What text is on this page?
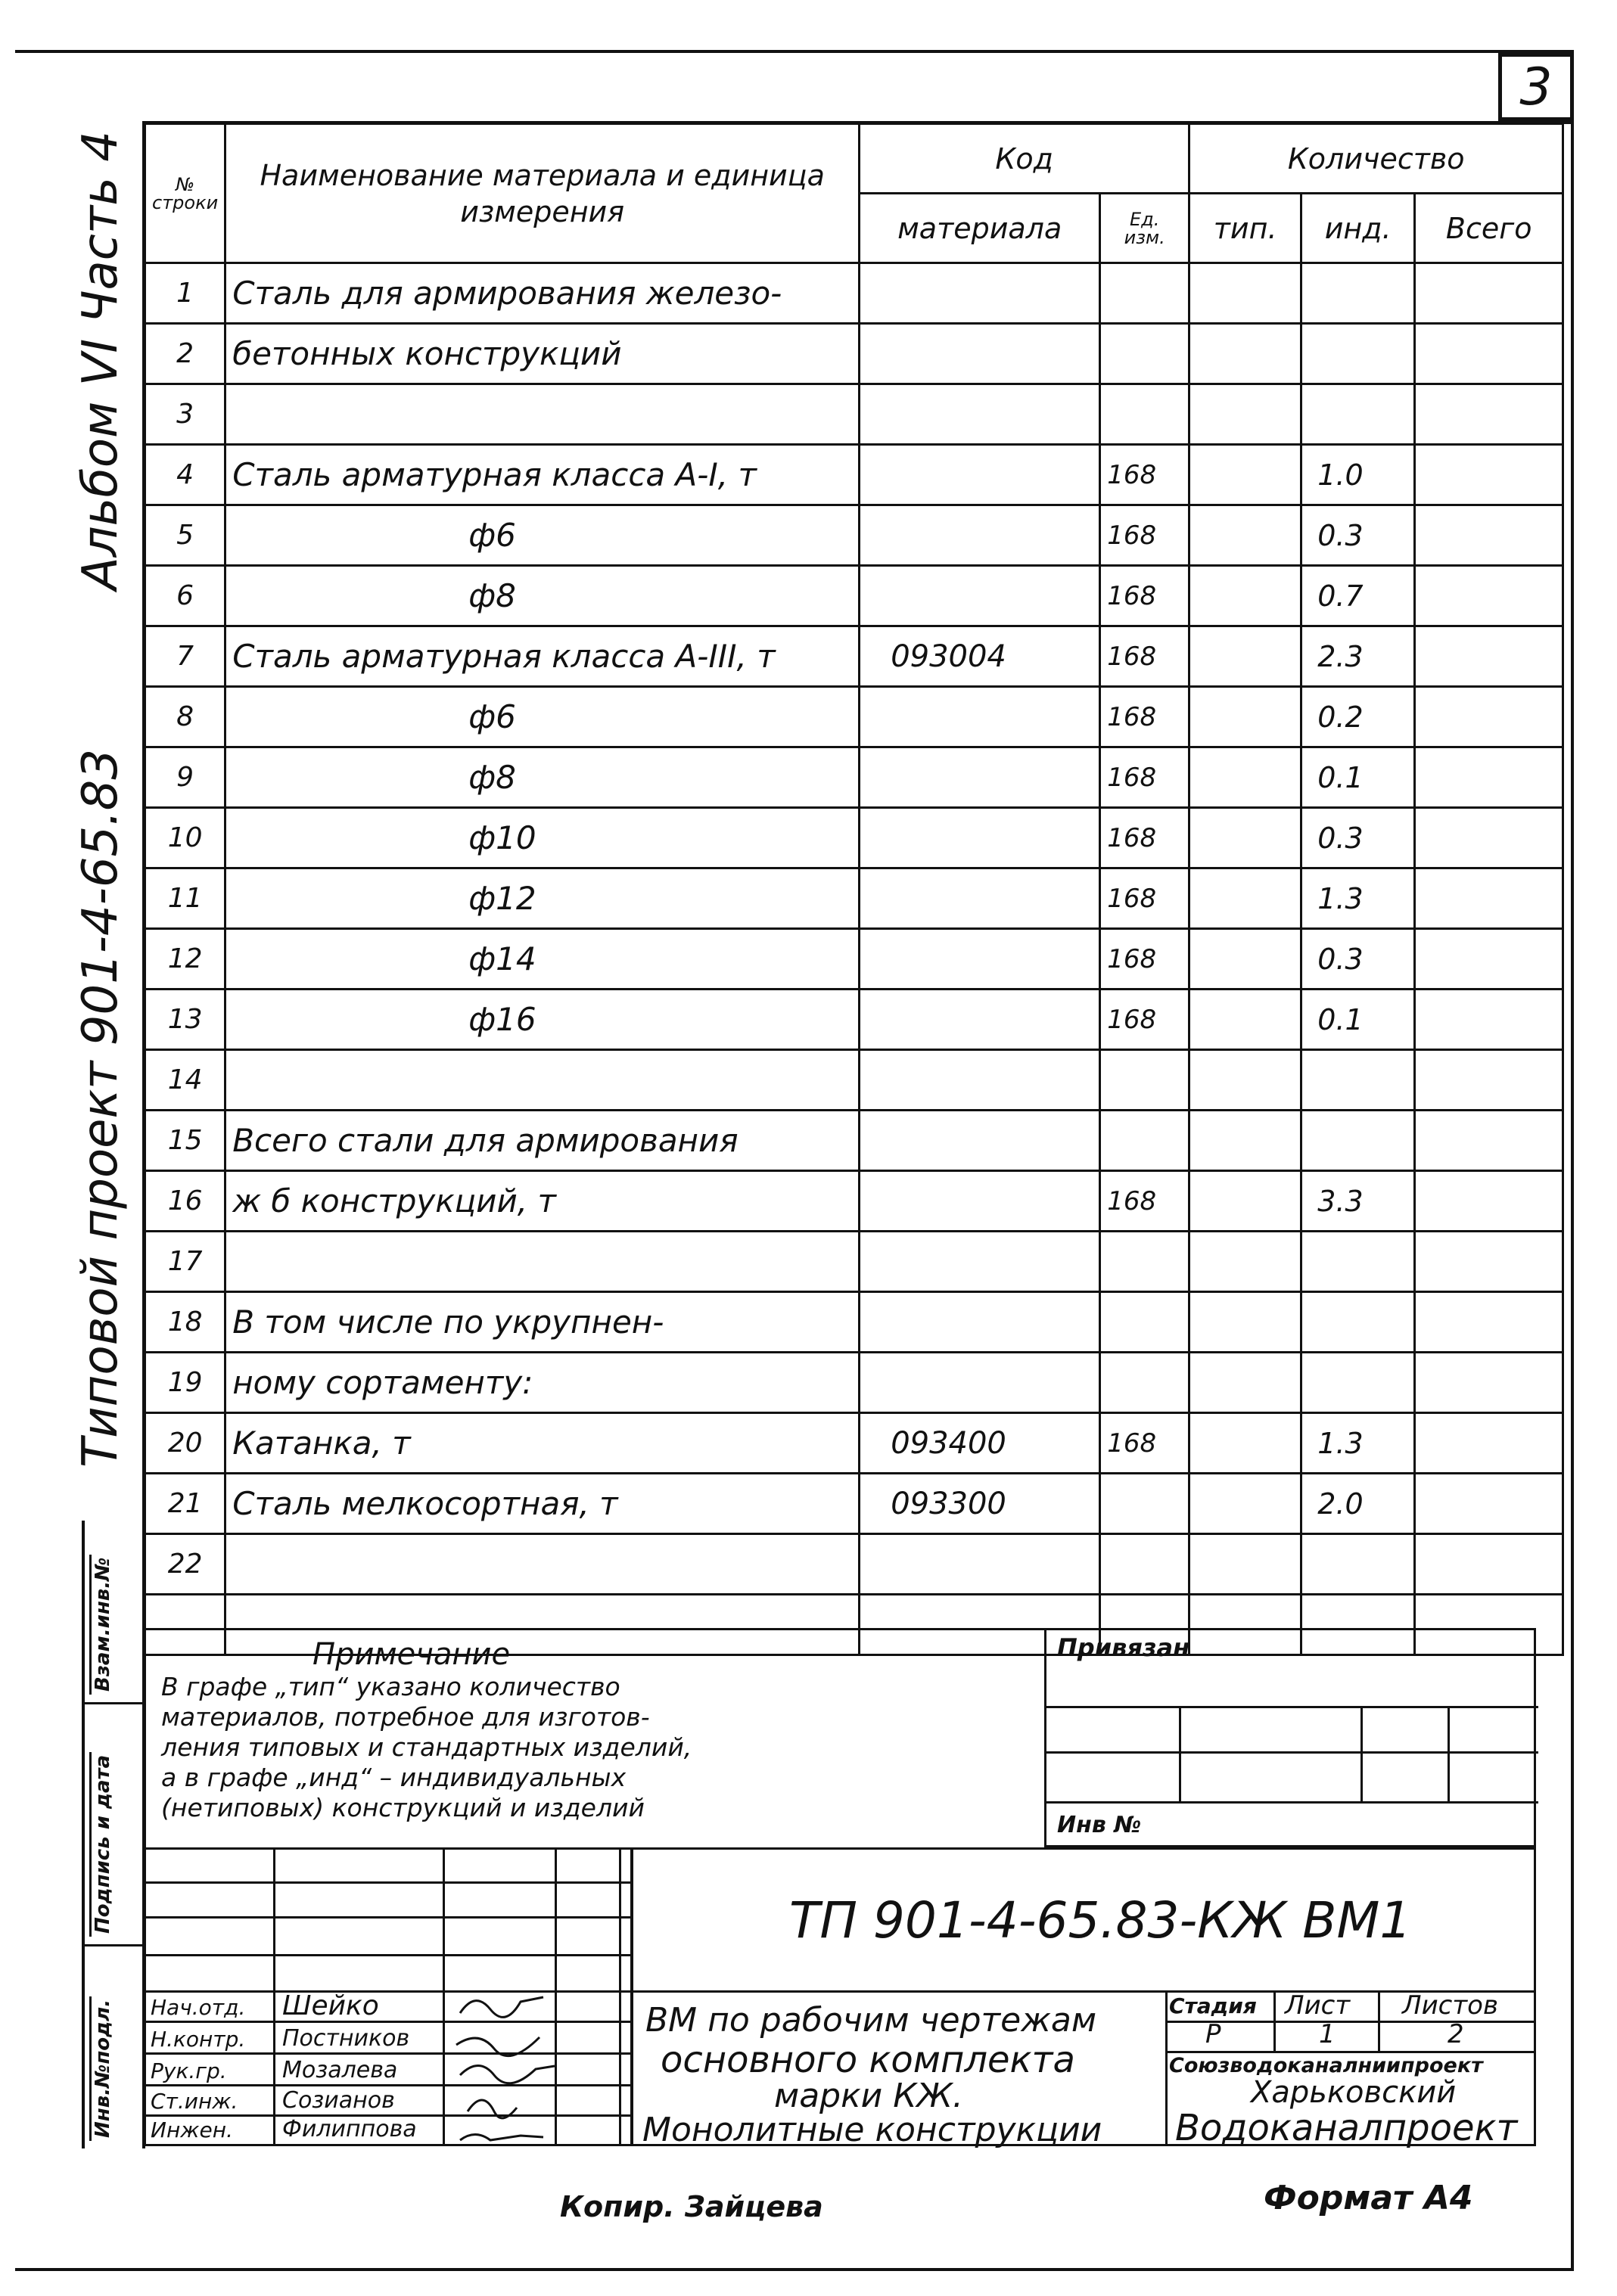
3
Альбом VI Часть 4
Типовой проект 901-4-65.83
Взам.инв.№
Подпись и дата
Инв.№подл.
№ строки	Наименование материала и единица измерения	Код		Количество		
		материала	Ед. изм.	тип.	инд.	Всего
1	Сталь для армирования железо-					
2	бетонных конструкций					
3						
4	Сталь арматурная класса А-I, т		168		1.0	
5	ф6		168		0.3	
6	ф8		168		0.7	
7	Сталь арматурная класса А-III, т	093004	168		2.3	
8	ф6		168		0.2	
9	ф8		168		0.1	
10	ф10		168		0.3	
11	ф12		168		1.3	
12	ф14		168		0.3	
13	ф16		168		0.1	
14						
15	Всего стали для армирования					
16	ж б конструкций, т		168		3.3	
17						
18	В том числе по укрупнен-					
19	ному сортаменту:					
20	Катанка, т	093400	168		1.3	
21	Сталь мелкосортная, т	093300			2.0	
22						

Примечание
В графе „тип“ указано количество
материалов, потребное для изготов-
ления типовых и стандартных изделий,
а в графе „инд“ – индивидуальных
(нетиповых) конструкций и изделий
Привязан
Инв №
Нач.отд. Шейко
Н.контр. Постников
Рук.гр. Мозалева
Ст.инж. Созианов
Инжен. Филиппова
ТП 901-4-65.83-КЖ ВМ1
ВМ по рабочим чертежам
основного комплекта
марки КЖ.
Монолитные конструкции
Стадия Лист Листов
Р	1	2
Союзводоканалниипроект
Харьковский
Водоканалпроект
Копир. Зайцева	Формат А4
